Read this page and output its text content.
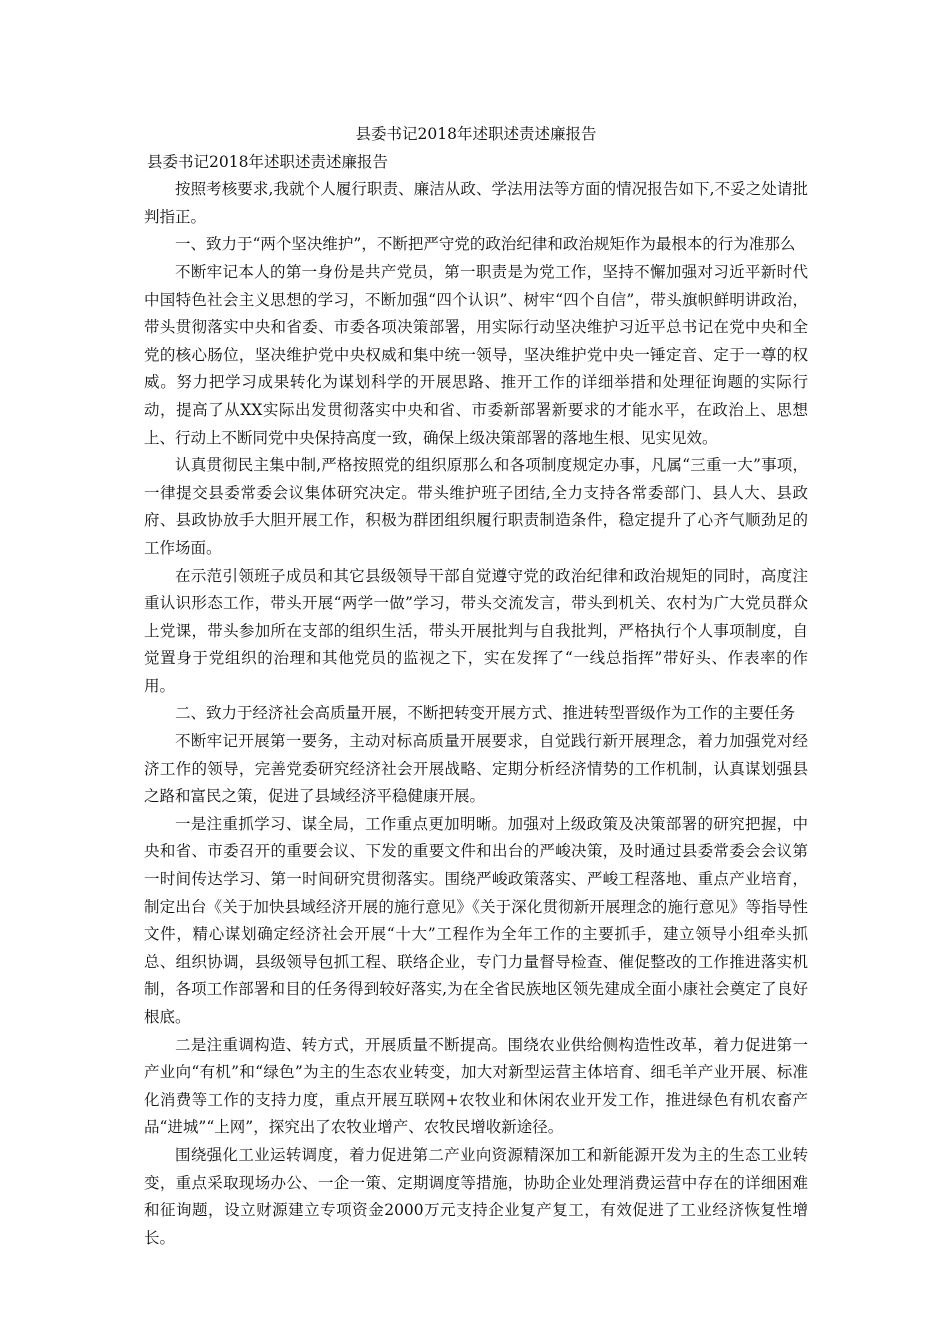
县委书记2018年述职述责述廉报告

县委书记2018年述职述责述廉报告

按照考核要求,我就个人履行职责、廉洁从政、学法用法等方面的情况报告如下,不妥之处请批判指正。

一、致力于“两个坚决维护”，不断把严守党的政治纪律和政治规矩作为最根本的行为准那么

不断牢记本人的第一身份是共产党员，第一职责是为党工作，坚持不懈加强对习近平新时代中国特色社会主义思想的学习，不断加强“四个认识”、树牢“四个自信”，带头旗帜鲜明讲政治，带头贯彻落实中央和省委、市委各项决策部署，用实际行动坚决维护习近平总书记在党中央和全党的核心肠位，坚决维护党中央权威和集中统一领导，坚决维护党中央一锤定音、定于一尊的权威。努力把学习成果转化为谋划科学的开展思路、推开工作的详细举措和处理征询题的实际行动，提高了从XX实际出发贯彻落实中央和省、市委新部署新要求的才能水平，在政治上、思想上、行动上不断同党中央保持高度一致，确保上级决策部署的落地生根、见实见效。

认真贯彻民主集中制,严格按照党的组织原那么和各项制度规定办事，凡属“三重一大”事项，一律提交县委常委会议集体研究决定。带头维护班子团结,全力支持各常委部门、县人大、县政府、县政协放手大胆开展工作，积极为群团组织履行职责制造条件，稳定提升了心齐气顺劲足的工作场面。

在示范引领班子成员和其它县级领导干部自觉遵守党的政治纪律和政治规矩的同时，高度注重认识形态工作，带头开展“两学一做”学习，带头交流发言，带头到机关、农村为广大党员群众上党课，带头参加所在支部的组织生活，带头开展批判与自我批判，严格执行个人事项制度，自觉置身于党组织的治理和其他党员的监视之下，实在发挥了“一线总指挥”带好头、作表率的作用。

二、致力于经济社会高质量开展，不断把转变开展方式、推进转型晋级作为工作的主要任务

不断牢记开展第一要务，主动对标高质量开展要求，自觉践行新开展理念，着力加强党对经济工作的领导，完善党委研究经济社会开展战略、定期分析经济情势的工作机制，认真谋划强县之路和富民之策，促进了县域经济平稳健康开展。

一是注重抓学习、谋全局，工作重点更加明晰。加强对上级政策及决策部署的研究把握，中央和省、市委召开的重要会议、下发的重要文件和出台的严峻决策，及时通过县委常委会会议第一时间传达学习、第一时间研究贯彻落实。围绕严峻政策落实、严峻工程落地、重点产业培育，制定出台《关于加快县域经济开展的施行意见》《关于深化贯彻新开展理念的施行意见》等指导性文件，精心谋划确定经济社会开展“十大”工程作为全年工作的主要抓手，建立领导小组牵头抓总、组织协调，县级领导包抓工程、联络企业，专门力量督导检查、催促整改的工作推进落实机制，各项工作部署和目的任务得到较好落实,为在全省民族地区领先建成全面小康社会奠定了良好根底。

二是注重调构造、转方式，开展质量不断提高。围绕农业供给侧构造性改革，着力促进第一产业向“有机”和“绿色”为主的生态农业转变，加大对新型运营主体培育、细毛羊产业开展、标准化消费等工作的支持力度，重点开展互联网+农牧业和休闲农业开发工作，推进绿色有机农畜产品“进城”“上网”，探究出了农牧业增产、农牧民增收新途径。

围绕强化工业运转调度，着力促进第二产业向资源精深加工和新能源开发为主的生态工业转变，重点采取现场办公、一企一策、定期调度等措施，协助企业处理消费运营中存在的详细困难和征询题，设立财源建立专项资金2000万元支持企业复产复工，有效促进了工业经济恢复性增长。
